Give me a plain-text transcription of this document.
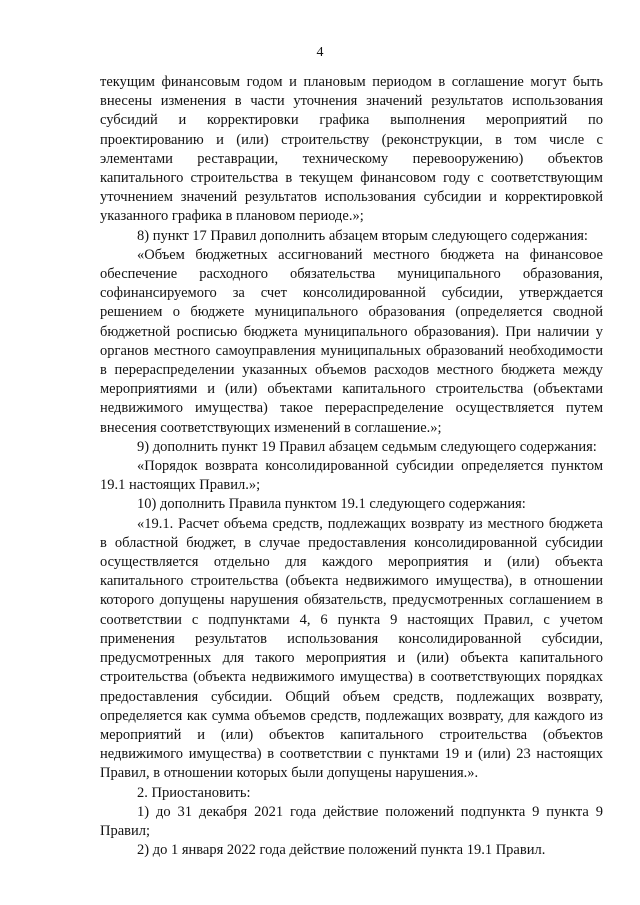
4

текущим финансовым годом и плановым периодом в соглашение могут быть внесены изменения в части уточнения значений результатов использования субсидий и корректировки графика выполнения мероприятий по проектированию и (или) строительству (реконструкции, в том числе с элементами реставрации, техническому перевооружению) объектов капитального строительства в текущем финансовом году с соответствующим уточнением значений результатов использования субсидии и корректировкой указанного графика в плановом периоде.»;

8) пункт 17 Правил дополнить абзацем вторым следующего содержания:

«Объем бюджетных ассигнований местного бюджета на финансовое обеспечение расходного обязательства муниципального образования, софинансируемого за счет консолидированной субсидии, утверждается решением о бюджете муниципального образования (определяется сводной бюджетной росписью бюджета муниципального образования). При наличии у органов местного самоуправления муниципальных образований необходимости в перераспределении указанных объемов расходов местного бюджета между мероприятиями и (или) объектами капитального строительства (объектами недвижимого имущества) такое перераспределение осуществляется путем внесения соответствующих изменений в соглашение.»;

9) дополнить пункт 19 Правил абзацем седьмым следующего содержания:

«Порядок возврата консолидированной субсидии определяется пунктом 19.1 настоящих Правил.»;

10) дополнить Правила пунктом 19.1 следующего содержания:

«19.1. Расчет объема средств, подлежащих возврату из местного бюджета в областной бюджет, в случае предоставления консолидированной субсидии осуществляется отдельно для каждого мероприятия и (или) объекта капитального строительства (объекта недвижимого имущества), в отношении которого допущены нарушения обязательств, предусмотренных соглашением в соответствии с подпунктами 4, 6 пункта 9 настоящих Правил, с учетом применения результатов использования консолидированной субсидии, предусмотренных для такого мероприятия и (или) объекта капитального строительства (объекта недвижимого имущества) в соответствующих порядках предоставления субсидии. Общий объем средств, подлежащих возврату, определяется как сумма объемов средств, подлежащих возврату, для каждого из мероприятий и (или) объектов капитального строительства (объектов недвижимого имущества) в соответствии с пунктами 19 и (или) 23 настоящих Правил, в отношении которых были допущены нарушения.».

2. Приостановить:

1) до 31 декабря 2021 года действие положений подпункта 9 пункта 9 Правил;

2) до 1 января 2022 года действие положений пункта 19.1 Правил.
